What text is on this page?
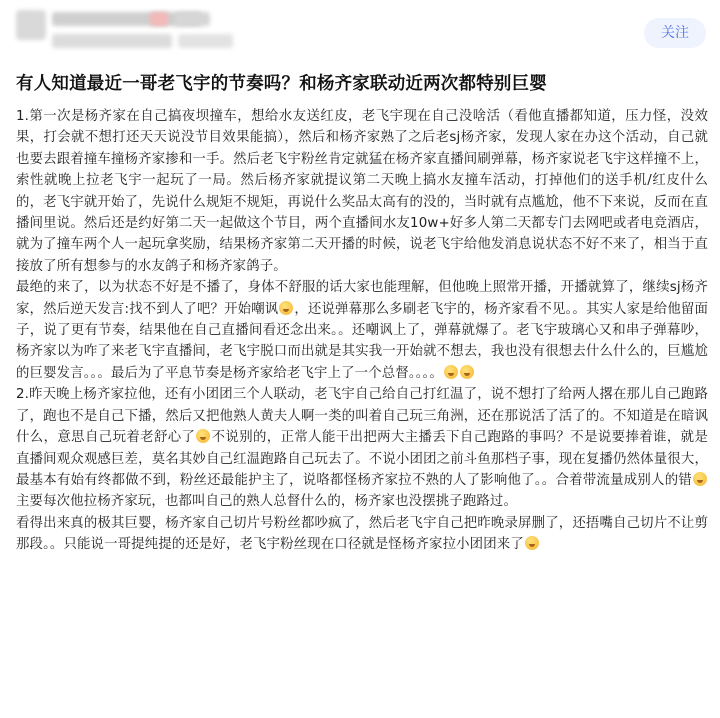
关注
有人知道最近一哥老飞宇的节奏吗？和杨齐家联动近两次都特别巨婴

1.第一次是杨齐家在自己搞夜坝撞车，想给水友送红皮，老飞宇现在自己没啥活（看他直播都知道，压力怪，没效果，打会就不想打还天天说没节目效果能搞），然后和杨齐家熟了之后老sj杨齐家，发现人家在办这个活动，自己就也要去跟着撞车撞杨齐家掺和一手。然后老飞宇粉丝肯定就猛在杨齐家直播间刷弹幕，杨齐家说老飞宇这样撞不上，索性就晚上拉老飞宇一起玩了一局。然后杨齐家就提议第二天晚上搞水友撞车活动，打掉他们的送手机/红皮什么的，老飞宇就开始了，先说什么规矩不规矩，再说什么奖品太高有的没的，当时就有点尴尬，他不下来说，反而在直播间里说。然后还是约好第二天一起做这个节目，两个直播间水友10w+好多人第二天都专门去网吧或者电竞酒店，就为了撞车两个人一起玩拿奖励，结果杨齐家第二天开播的时候，说老飞宇给他发消息说状态不好不来了，相当于直接放了所有想参与的水友鸽子和杨齐家鸽子。

最绝的来了，以为状态不好是不播了，身体不舒服的话大家也能理解，但他晚上照常开播，开播就算了，继续sj杨齐家，然后逆天发言:找不到人了吧？开始嘲讽 ，还说弹幕那么多刷老飞宇的，杨齐家看不见。。其实人家是给他留面子，说了更有节奏，结果他在自己直播间看还念出来。。还嘲讽上了，弹幕就爆了。老飞宇玻璃心又和串子弹幕吵，杨齐家以为咋了来老飞宇直播间，老飞宇脱口而出就是其实我一开始就不想去，我也没有很想去什么什么的，巨尴尬的巨婴发言。。。最后为了平息节奏是杨齐家给老飞宇上了一个总督。。。。

2.昨天晚上杨齐家拉他，还有小团团三个人联动，老飞宇自己给自己打红温了，说不想打了给两人撂在那儿自己跑路了，跑也不是自己下播，然后又把他熟人黄夫人啊一类的叫着自己玩三角洲，还在那说活了活了的。不知道是在暗讽什么，意思自己玩着老舒心了 不说别的，正常人能干出把两大主播丢下自己跑路的事吗？不是说要捧着谁，就是直播间观众观感巨差，莫名其妙自己红温跑路自己玩去了。不说小团团之前斗鱼那档子事，现在复播仍然体量很大，最基本有始有终都做不到，粉丝还最能护主了，说咯都怪杨齐家拉不熟的人了影响他了。。合着带流量成别人的错主要每次他拉杨齐家玩，也都叫自己的熟人总督什么的，杨齐家也没摆挑子跑路过。

看得出来真的极其巨婴，杨齐家自己切片号粉丝都吵疯了，然后老飞宇自己把昨晚录屏删了，还捂嘴自己切片不让剪那段。。只能说一哥提纯提的还是好，老飞宇粉丝现在口径就是怪杨齐家拉小团团来了
